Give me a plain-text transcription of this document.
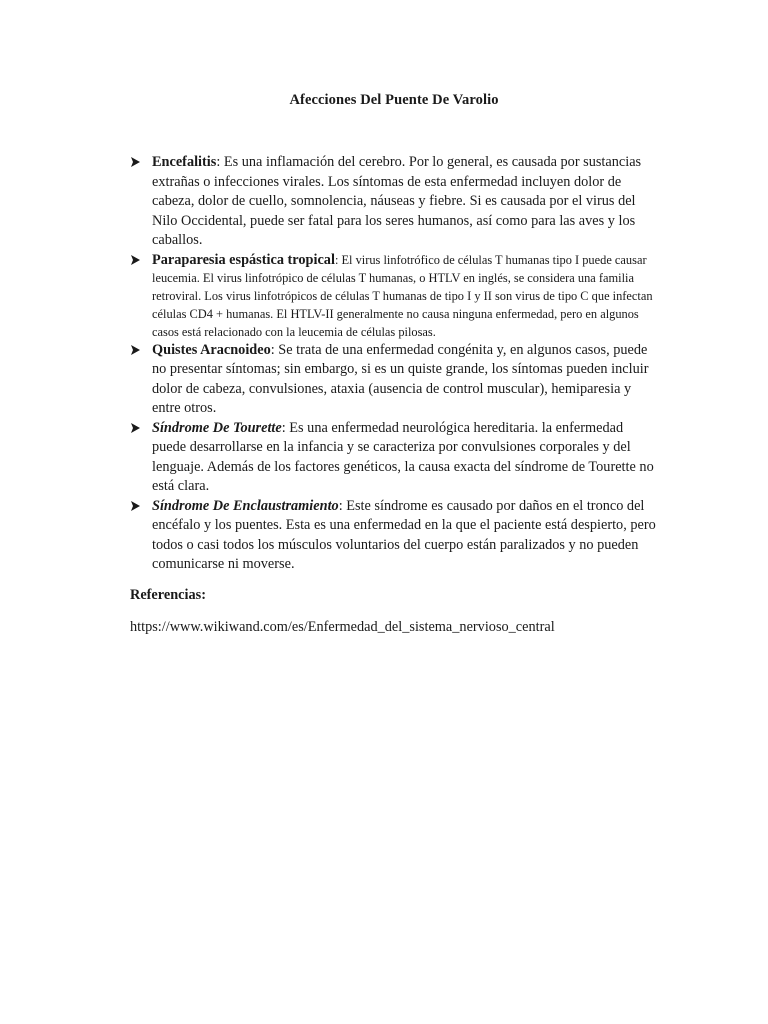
Afecciones Del Puente De Varolio
Encefalitis: Es una inflamación del cerebro. Por lo general, es causada por sustancias extrañas o infecciones virales. Los síntomas de esta enfermedad incluyen dolor de cabeza, dolor de cuello, somnolencia, náuseas y fiebre. Si es causada por el virus del Nilo Occidental, puede ser fatal para los seres humanos, así como para las aves y los caballos.
Paraparesia espástica tropical: El virus linfotrófico de células T humanas tipo I puede causar leucemia. El virus linfotrópico de células T humanas, o HTLV en inglés, se considera una familia retroviral. Los virus linfotrópicos de células T humanas de tipo I y II son virus de tipo C que infectan células CD4 + humanas. El HTLV-II generalmente no causa ninguna enfermedad, pero en algunos casos está relacionado con la leucemia de células pilosas.
Quistes Aracnoideo: Se trata de una enfermedad congénita y, en algunos casos, puede no presentar síntomas; sin embargo, si es un quiste grande, los síntomas pueden incluir dolor de cabeza, convulsiones, ataxia (ausencia de control muscular), hemiparesia y entre otros.
Síndrome De Tourette: Es una enfermedad neurológica hereditaria. la enfermedad puede desarrollarse en la infancia y se caracteriza por convulsiones corporales y del lenguaje. Además de los factores genéticos, la causa exacta del síndrome de Tourette no está clara.
Síndrome De Enclaustramiento: Este síndrome es causado por daños en el tronco del encéfalo y los puentes. Esta es una enfermedad en la que el paciente está despierto, pero todos o casi todos los músculos voluntarios del cuerpo están paralizados y no pueden comunicarse ni moverse.
Referencias:
https://www.wikiwand.com/es/Enfermedad_del_sistema_nervioso_central
